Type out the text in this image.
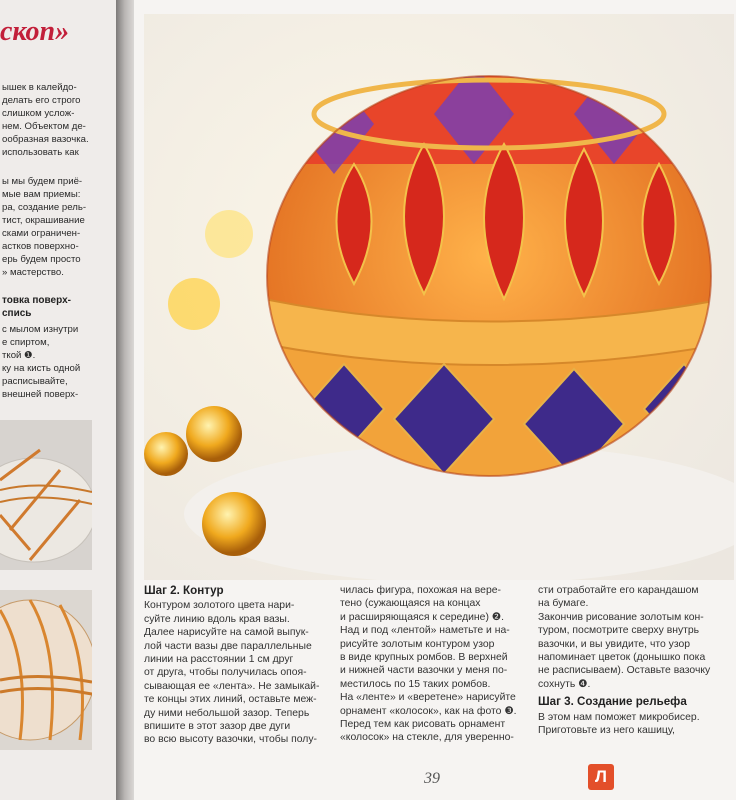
скоп»
ышек в калейдо-
делать его строго
слишком услож-
нем. Объектом де-
ообразная вазочка.
использовать как
ы мы будем приё-
мые вам приемы:
ра, создание рель-
тист, окрашивание
сками ограничен-
астков поверхно-
ерь будем просто
» мастерство.
товка поверх-
спись
с мылом изнутри
е спиртом,
ткой ❶.
ку на кисть одной
расписывайте,
внешней поверх-
Шаг 2. Контур

Контуром золотого цвета нари-
суйте линию вдоль края вазы.
Далее нарисуйте на самой выпук-
лой части вазы две параллельные
линии на расстоянии 1 см друг
от друга, чтобы получилась опоя-
сывающая ее «лента». Не замыкай-
те концы этих линий, оставьте меж-
ду ними небольшой зазор. Теперь
впишите в этот зазор две дуги
во всю высоту вазочки, чтобы полу-

чилась фигура, похожая на вере-
тено (сужающаяся на концах
и расширяющаяся к середине) ❷.
Над и под «лентой» наметьте и на-
рисуйте золотым контуром узор
в виде крупных ромбов. В верхней
и нижней части вазочки у меня по-
местилось по 15 таких ромбов.
На «ленте» и «веретене» нарисуйте
орнамент «колосок», как на фото ❸.
Перед тем как рисовать орнамент
«колосок» на стекле, для уверенно-

сти отработайте его карандашом
на бумаге.
Закончив рисование золотым кон-
туром, посмотрите сверху внутрь
вазочки, и вы увидите, что узор
напоминает цветок (донышко пока
не расписываем). Оставьте вазочку
сохнуть ❹.

Шаг 3. Создание рельефа

В этом нам поможет микробисер.
Приготовьте из него кашицу,

39	Л
